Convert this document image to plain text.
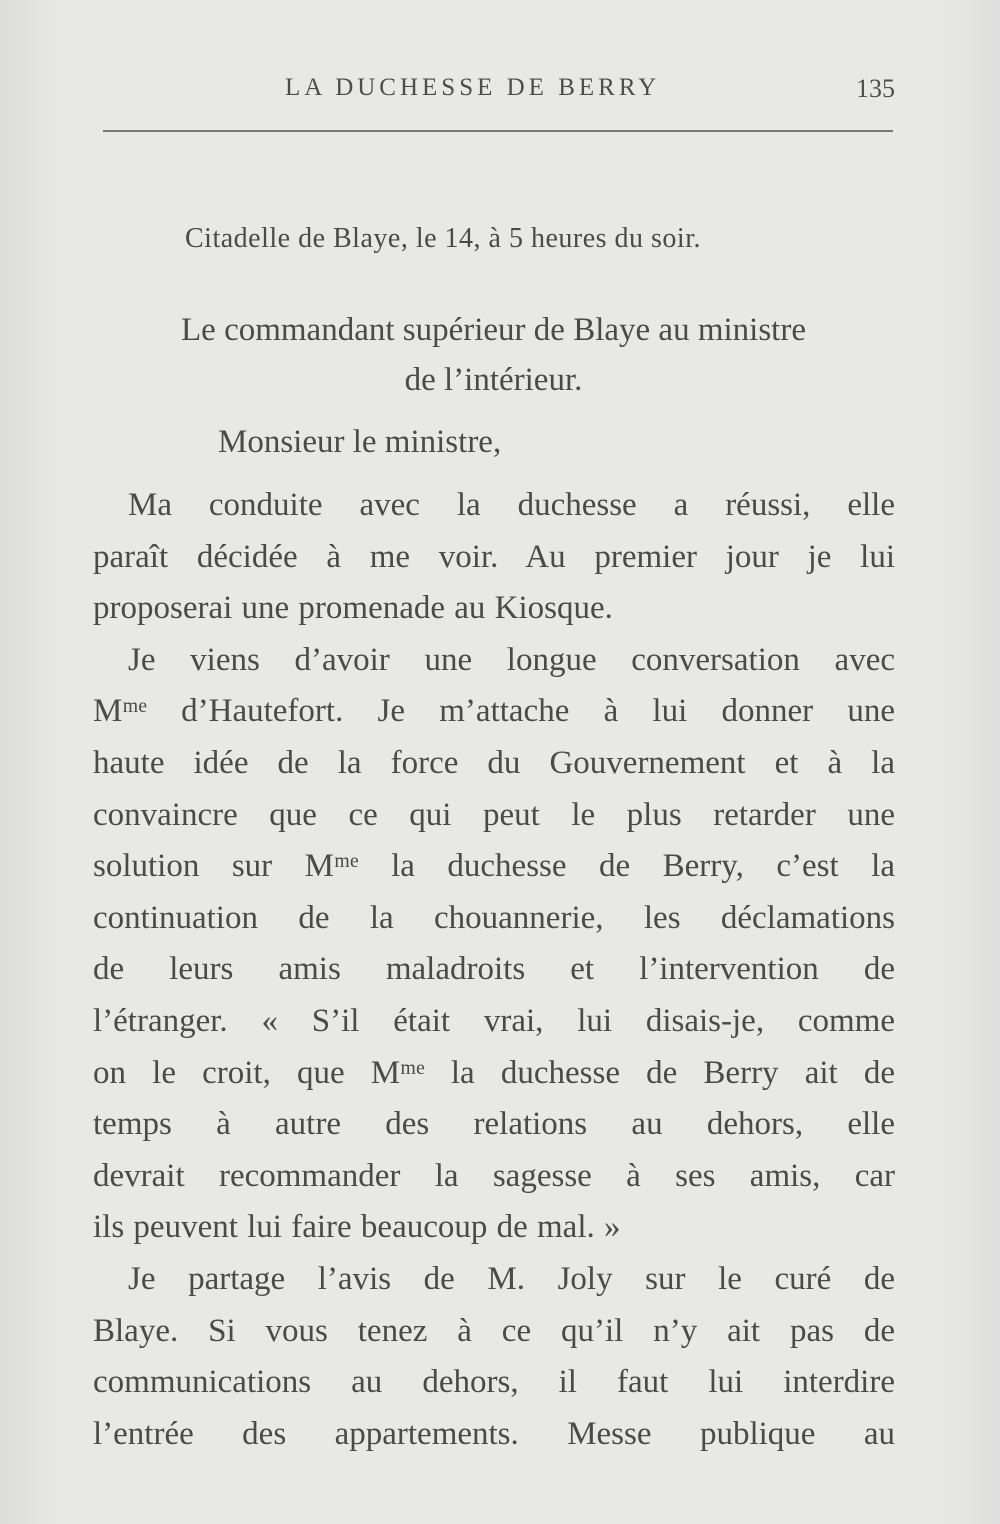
LA DUCHESSE DE BERRY	135
Citadelle de Blaye, le 14, à 5 heures du soir.
Le commandant supérieur de Blaye au ministre
de l’intérieur.
Monsieur le ministre,

Ma conduite avec la duchesse a réussi, elle
paraît décidée à me voir. Au premier jour je lui
proposerai une promenade au Kiosque.

Je viens d’avoir une longue conversation avec
Mᵐᵉ d’Hautefort. Je m’attache à lui donner une
haute idée de la force du Gouvernement et à la
convaincre que ce qui peut le plus retarder une
solution sur Mᵐᵉ la duchesse de Berry, c’est la
continuation de la chouannerie, les déclamations
de leurs amis maladroits et l’intervention de
l’étranger. « S’il était vrai, lui disais-je, comme
on le croit, que Mᵐᵉ la duchesse de Berry ait de
temps à autre des relations au dehors, elle
devrait recommander la sagesse à ses amis, car
ils peuvent lui faire beaucoup de mal. »

Je partage l’avis de M. Joly sur le curé de
Blaye. Si vous tenez à ce qu’il n’y ait pas de
communications au dehors, il faut lui interdire
l’entrée des appartements. Messe publique au
